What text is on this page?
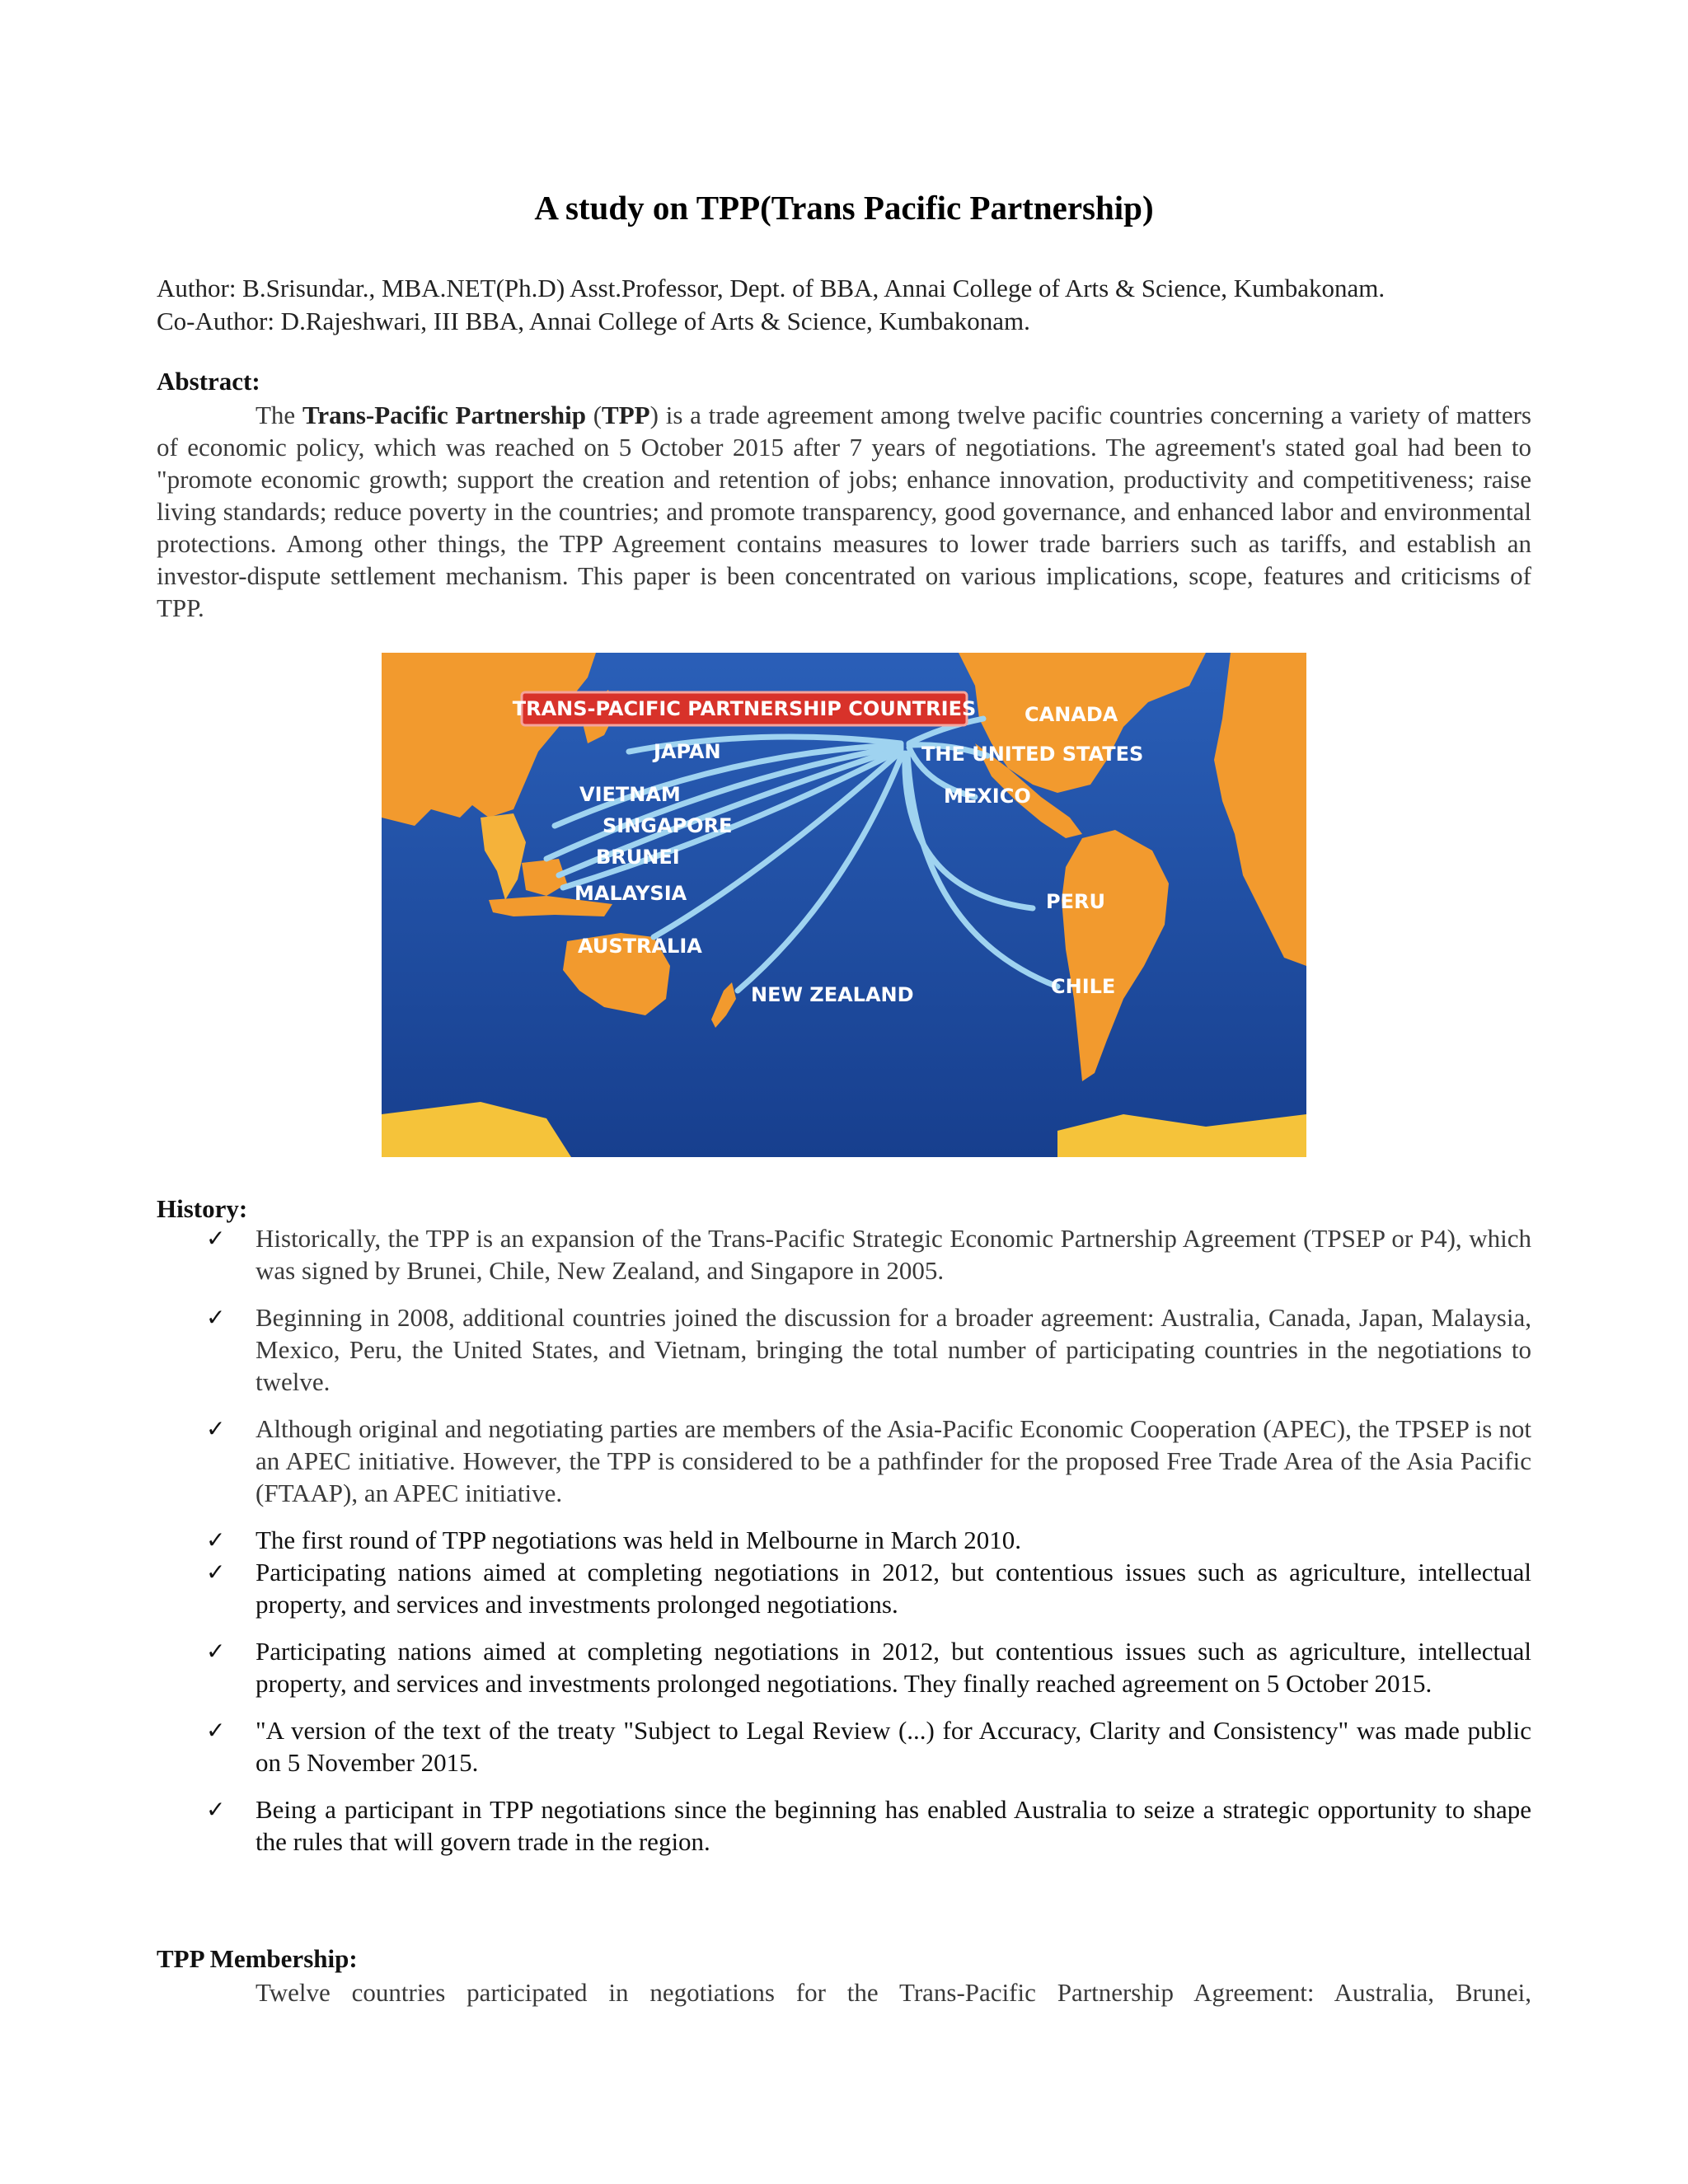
A study on TPP(Trans Pacific Partnership)
Author: B.Srisundar., MBA.NET(Ph.D) Asst.Professor, Dept. of BBA, Annai College of Arts & Science, Kumbakonam.
Co-Author: D.Rajeshwari, III BBA, Annai College of Arts & Science, Kumbakonam.
Abstract:
The Trans-Pacific Partnership (TPP) is a trade agreement among twelve pacific countries concerning a variety of matters of economic policy, which was reached on 5 October 2015 after 7 years of negotiations. The agreement's stated goal had been to "promote economic growth; support the creation and retention of jobs; enhance innovation, productivity and competitiveness; raise living standards; reduce poverty in the countries; and promote transparency, good governance, and enhanced labor and environmental protections. Among other things, the TPP Agreement contains measures to lower trade barriers such as tariffs, and establish an investor-dispute settlement mechanism. This paper is been concentrated on various implications, scope, features and criticisms of TPP.
TRANS-PACIFIC PARTNERSHIP COUNTRIES CANADA
THE UNITED STATES
MEXICO
PERU
CHILE
JAPAN
VIETNAM
SINGAPORE
BRUNEI
MALAYSIA
AUSTRALIA
NEW ZEALAND
History:
✓ Historically, the TPP is an expansion of the Trans-Pacific Strategic Economic Partnership Agreement (TPSEP or P4), which was signed by Brunei, Chile, New Zealand, and Singapore in 2005.
✓ Beginning in 2008, additional countries joined the discussion for a broader agreement: Australia, Canada, Japan, Malaysia, Mexico, Peru, the United States, and Vietnam, bringing the total number of participating countries in the negotiations to twelve.
✓ Although original and negotiating parties are members of the Asia-Pacific Economic Cooperation (APEC), the TPSEP is not an APEC initiative. However, the TPP is considered to be a pathfinder for the proposed Free Trade Area of the Asia Pacific (FTAAP), an APEC initiative.
✓ The first round of TPP negotiations was held in Melbourne in March 2010.
✓ Participating nations aimed at completing negotiations in 2012, but contentious issues such as agriculture, intellectual property, and services and investments prolonged negotiations.
✓ Participating nations aimed at completing negotiations in 2012, but contentious issues such as agriculture, intellectual property, and services and investments prolonged negotiations. They finally reached agreement on 5 October 2015.
✓ "A version of the text of the treaty "Subject to Legal Review (...) for Accuracy, Clarity and Consistency" was made public on 5 November 2015.
✓ Being a participant in TPP negotiations since the beginning has enabled Australia to seize a strategic opportunity to shape the rules that will govern trade in the region.
TPP Membership:
Twelve countries participated in negotiations for the Trans-Pacific Partnership Agreement: Australia, Brunei,
